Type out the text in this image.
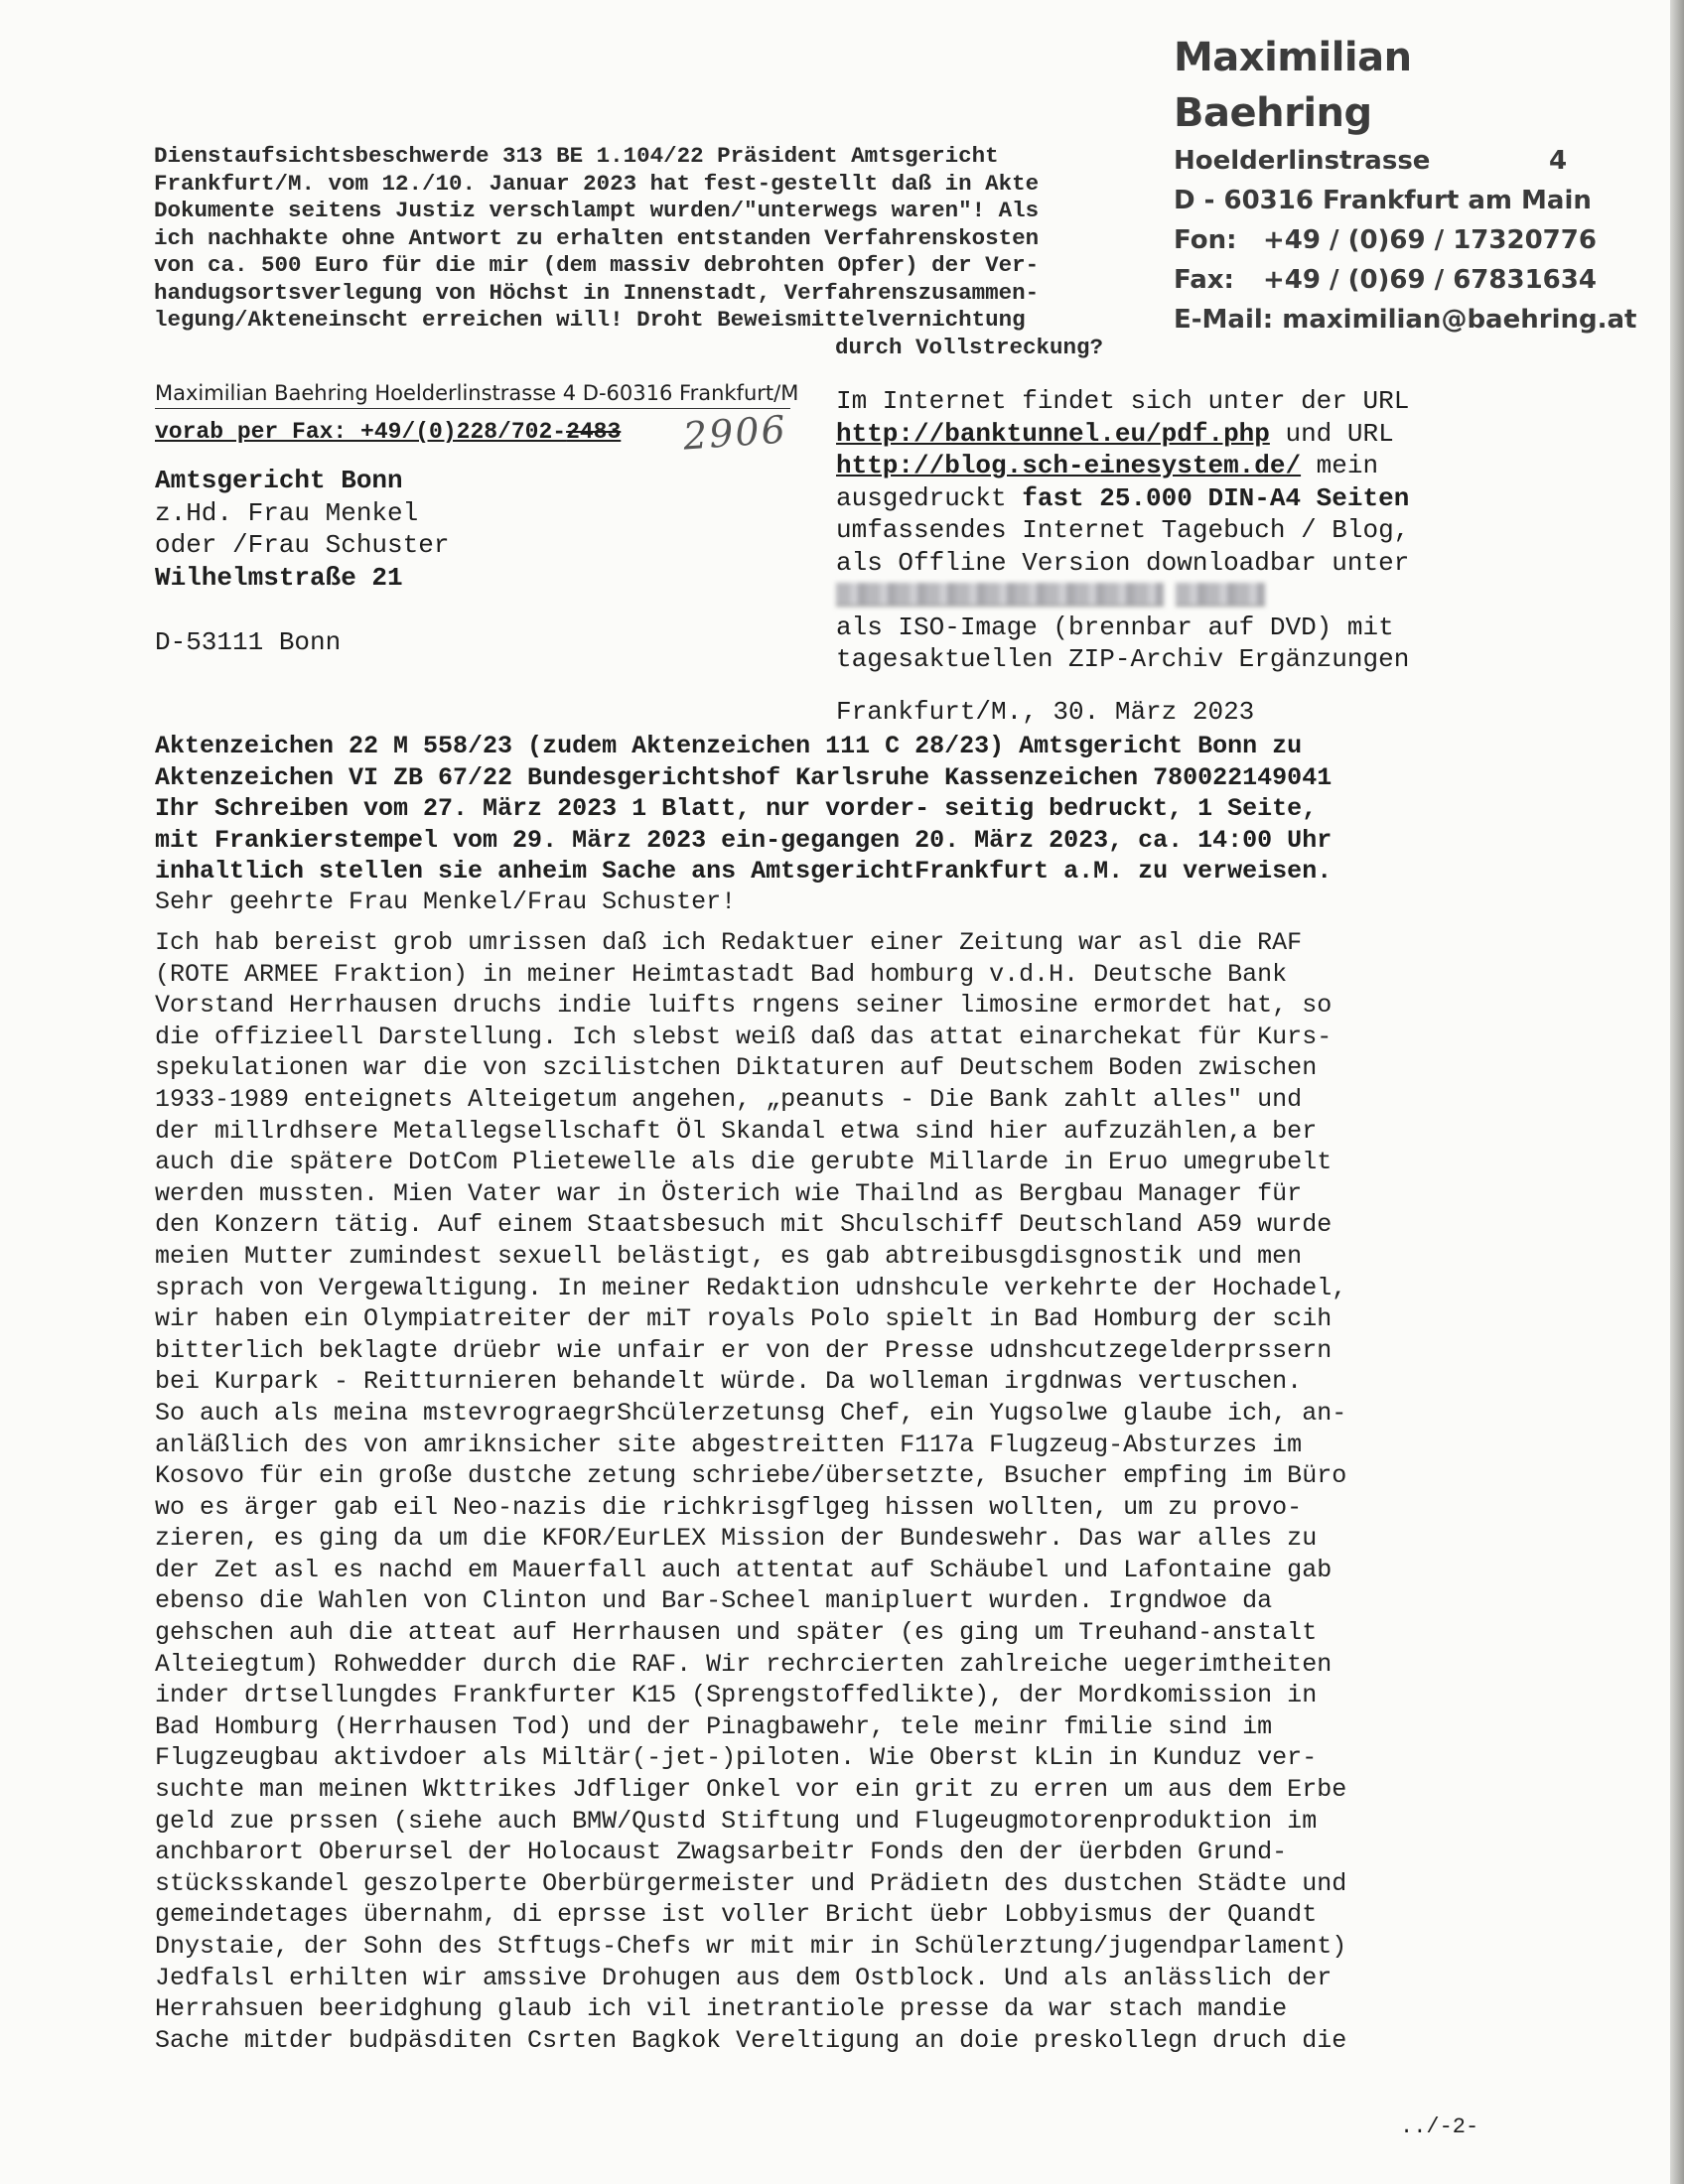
Maximilian Baehring
Hoelderlinstrasse	4
D - 60316 Frankfurt am Main
Fon: +49 / (0)69 / 17320776
Fax: +49 / (0)69 / 67831634
E-Mail: maximilian@baehring.at
Dienstaufsichtsbeschwerde 313 BE 1.104/22 Präsident Amtsgericht
Frankfurt/M. vom 12./10. Januar 2023 hat fest-gestellt daß in Akte
Dokumente seitens Justiz verschlampt wurden/"unterwegs waren"! Als
ich nachhakte ohne Antwort zu erhalten entstanden Verfahrenskosten
von ca. 500 Euro für die mir (dem massiv debrohten Opfer) der Ver-
handugsortsverlegung von Höchst in Innenstadt, Verfahrenszusammen-
legung/Akteneinscht erreichen will! Droht Beweismittelvernichtung

durch Vollstreckung?
Maximilian Baehring Hoelderlinstrasse 4 D-60316 Frankfurt/M
vorab per Fax: +49/(0)228/702-2483 2906
Amtsgericht Bonn
z.Hd. Frau Menkel
oder /Frau Schuster
Wilhelmstraße 21

D-53111 Bonn
Im Internet findet sich unter der URL
http://banktunnel.eu/pdf.php und URL
http://blog.sch-einesystem.de/ mein
ausgedruckt fast 25.000 DIN-A4 Seiten
umfassendes Internet Tagebuch / Blog,
als Offline Version downloadbar unter

als ISO-Image (brennbar auf DVD) mit
tagesaktuellen ZIP-Archiv Ergänzungen
Frankfurt/M., 30. März 2023
Aktenzeichen 22 M 558/23 (zudem Aktenzeichen 111 C 28/23) Amtsgericht Bonn zu
Aktenzeichen VI ZB 67/22 Bundesgerichtshof Karlsruhe Kassenzeichen 780022149041
Ihr Schreiben vom 27. März 2023 1 Blatt, nur vorder- seitig bedruckt, 1 Seite,
mit Frankierstempel vom 29. März 2023 ein-gegangen 20. März 2023, ca. 14:00 Uhr
inhaltlich stellen sie anheim Sache ans AmtsgerichtFrankfurt a.M. zu verweisen.
Sehr geehrte Frau Menkel/Frau Schuster!
Ich hab bereist grob umrissen daß ich Redaktuer einer Zeitung war asl die RAF
(ROTE ARMEE Fraktion) in meiner Heimtastadt Bad homburg v.d.H. Deutsche Bank
Vorstand Herrhausen druchs indie luifts rngens seiner limosine ermordet hat, so
die offizieell Darstellung. Ich slebst weiß daß das attat einarchekat für Kurs-
spekulationen war die von szcilistchen Diktaturen auf Deutschem Boden zwischen
1933-1989 enteignets Alteigetum angehen, „peanuts - Die Bank zahlt alles" und
der millrdhsere Metallegsellschaft Öl Skandal etwa sind hier aufzuzählen,a ber
auch die spätere DotCom Plietewelle als die gerubte Millarde in Eruo umegrubelt
werden mussten. Mien Vater war in Österich wie Thailnd as Bergbau Manager für
den Konzern tätig. Auf einem Staatsbesuch mit Shculschiff Deutschland A59 wurde
meien Mutter zumindest sexuell belästigt, es gab abtreibusgdisgnostik und men
sprach von Vergewaltigung. In meiner Redaktion udnshcule verkehrte der Hochadel,
wir haben ein Olympiatreiter der miT royals Polo spielt in Bad Homburg der scih
bitterlich beklagte drüebr wie unfair er von der Presse udnshcutzegelderprssern
bei Kurpark - Reitturnieren behandelt würde. Da wolleman irgdnwas vertuschen.
So auch als meina mstevrograegrShcülerzetunsg Chef, ein Yugsolwe glaube ich, an-
anläßlich des von amriknsicher site abgestreitten F117a Flugzeug-Absturzes im
Kosovo für ein große dustche zetung schriebe/übersetzte, Bsucher empfing im Büro
wo es ärger gab eil Neo-nazis die richkrisgflgeg hissen wollten, um zu provo-
zieren, es ging da um die KFOR/EurLEX Mission der Bundeswehr. Das war alles zu
der Zet asl es nachd em Mauerfall auch attentat auf Schäubel und Lafontaine gab
ebenso die Wahlen von Clinton und Bar-Scheel manipluert wurden. Irgndwoe da
gehschen auh die atteat auf Herrhausen und später (es ging um Treuhand-anstalt
Alteiegtum) Rohwedder durch die RAF. Wir rechrcierten zahlreiche uegerimtheiten
inder drtsellungdes Frankfurter K15 (Sprengstoffedlikte), der Mordkomission in
Bad Homburg (Herrhausen Tod) und der Pinagbawehr, tele meinr fmilie sind im
Flugzeugbau aktivdoer als Miltär(-jet-)piloten. Wie Oberst kLin in Kunduz ver-
suchte man meinen Wkttrikes Jdfliger Onkel vor ein grit zu erren um aus dem Erbe
geld zue prssen (siehe auch BMW/Qustd Stiftung und Flugeugmotorenproduktion im
anchbarort Oberursel der Holocaust Zwagsarbeitr Fonds den der üerbden Grund-
stücksskandel geszolperte Oberbürgermeister und Prädietn des dustchen Städte und
gemeindetages übernahm, di eprsse ist voller Bricht üebr Lobbyismus der Quandt
Dnystaie, der Sohn des Stftugs-Chefs wr mit mir in Schülerztung/jugendparlament)
Jedfalsl erhilten wir amssive Drohugen aus dem Ostblock. Und als anlässlich der
Herrahsuen beeridghung glaub ich vil inetrantiole presse da war stach mandie
Sache mitder budpäsditen Csrten Bagkok Vereltigung an doie preskollegn druch die
../-2-
